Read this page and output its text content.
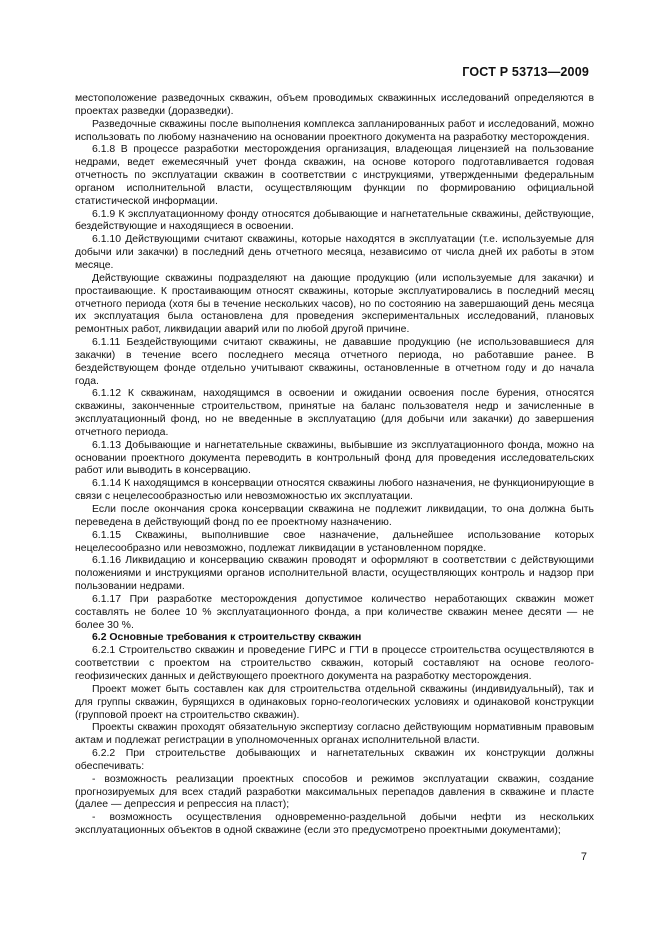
ГОСТ Р 53713—2009

местоположение разведочных скважин, объем проводимых скважинных исследований определяются в проектах разведки (доразведки).

Разведочные скважины после выполнения комплекса запланированных работ и исследований, можно использовать по любому назначению на основании проектного документа на разработку месторождения.

6.1.8 В процессе разработки месторождения организация, владеющая лицензией на пользование недрами, ведет ежемесячный учет фонда скважин, на основе которого подготавливается годовая отчетность по эксплуатации скважин в соответствии с инструкциями, утвержденными федеральным органом исполнительной власти, осуществляющим функции по формированию официальной статистической информации.

6.1.9 К эксплуатационному фонду относятся добывающие и нагнетательные скважины, действующие, бездействующие и находящиеся в освоении.

6.1.10 Действующими считают скважины, которые находятся в эксплуатации (т.е. используемые для добычи или закачки) в последний день отчетного месяца, независимо от числа дней их работы в этом месяце.

Действующие скважины подразделяют на дающие продукцию (или используемые для закачки) и простаивающие. К простаивающим относят скважины, которые эксплуатировались в последний месяц отчетного периода (хотя бы в течение нескольких часов), но по состоянию на завершающий день месяца их эксплуатация была остановлена для проведения экспериментальных исследований, плановых ремонтных работ, ликвидации аварий или по любой другой причине.

6.1.11 Бездействующими считают скважины, не дававшие продукцию (не использовавшиеся для закачки) в течение всего последнего месяца отчетного периода, но работавшие ранее. В бездействующем фонде отдельно учитывают скважины, остановленные в отчетном году и до начала года.

6.1.12 К скважинам, находящимся в освоении и ожидании освоения после бурения, относятся скважины, законченные строительством, принятые на баланс пользователя недр и зачисленные в эксплуатационный фонд, но не введенные в эксплуатацию (для добычи или закачки) до завершения отчетного периода.

6.1.13 Добывающие и нагнетательные скважины, выбывшие из эксплуатационного фонда, можно на основании проектного документа переводить в контрольный фонд для проведения исследовательских работ или выводить в консервацию.

6.1.14 К находящимся в консервации относятся скважины любого назначения, не функционирующие в связи с нецелесообразностью или невозможностью их эксплуатации.

Если после окончания срока консервации скважина не подлежит ликвидации, то она должна быть переведена в действующий фонд по ее проектному назначению.

6.1.15 Скважины, выполнившие свое назначение, дальнейшее использование которых нецелесообразно или невозможно, подлежат ликвидации в установленном порядке.

6.1.16 Ликвидацию и консервацию скважин проводят и оформляют в соответствии с действующими положениями и инструкциями органов исполнительной власти, осуществляющих контроль и надзор при пользовании недрами.

6.1.17 При разработке месторождения допустимое количество неработающих скважин может составлять не более 10 % эксплуатационного фонда, а при количестве скважин менее десяти — не более 30 %.

6.2 Основные требования к строительству скважин

6.2.1 Строительство скважин и проведение ГИРС и ГТИ в процессе строительства осуществляются в соответствии с проектом на строительство скважин, который составляют на основе геолого-геофизических данных и действующего проектного документа на разработку месторождения.

Проект может быть составлен как для строительства отдельной скважины (индивидуальный), так и для группы скважин, бурящихся в одинаковых горно-геологических условиях и одинаковой конструкции (групповой проект на строительство скважин).

Проекты скважин проходят обязательную экспертизу согласно действующим нормативным правовым актам и подлежат регистрации в уполномоченных органах исполнительной власти.

6.2.2 При строительстве добывающих и нагнетательных скважин их конструкции должны обеспечивать:

- возможность реализации проектных способов и режимов эксплуатации скважин, создание прогнозируемых для всех стадий разработки максимальных перепадов давления в скважине и пласте (далее — депрессия и репрессия на пласт);

- возможность осуществления одновременно-раздельной добычи нефти из нескольких эксплуатационных объектов в одной скважине (если это предусмотрено проектными документами);

7
